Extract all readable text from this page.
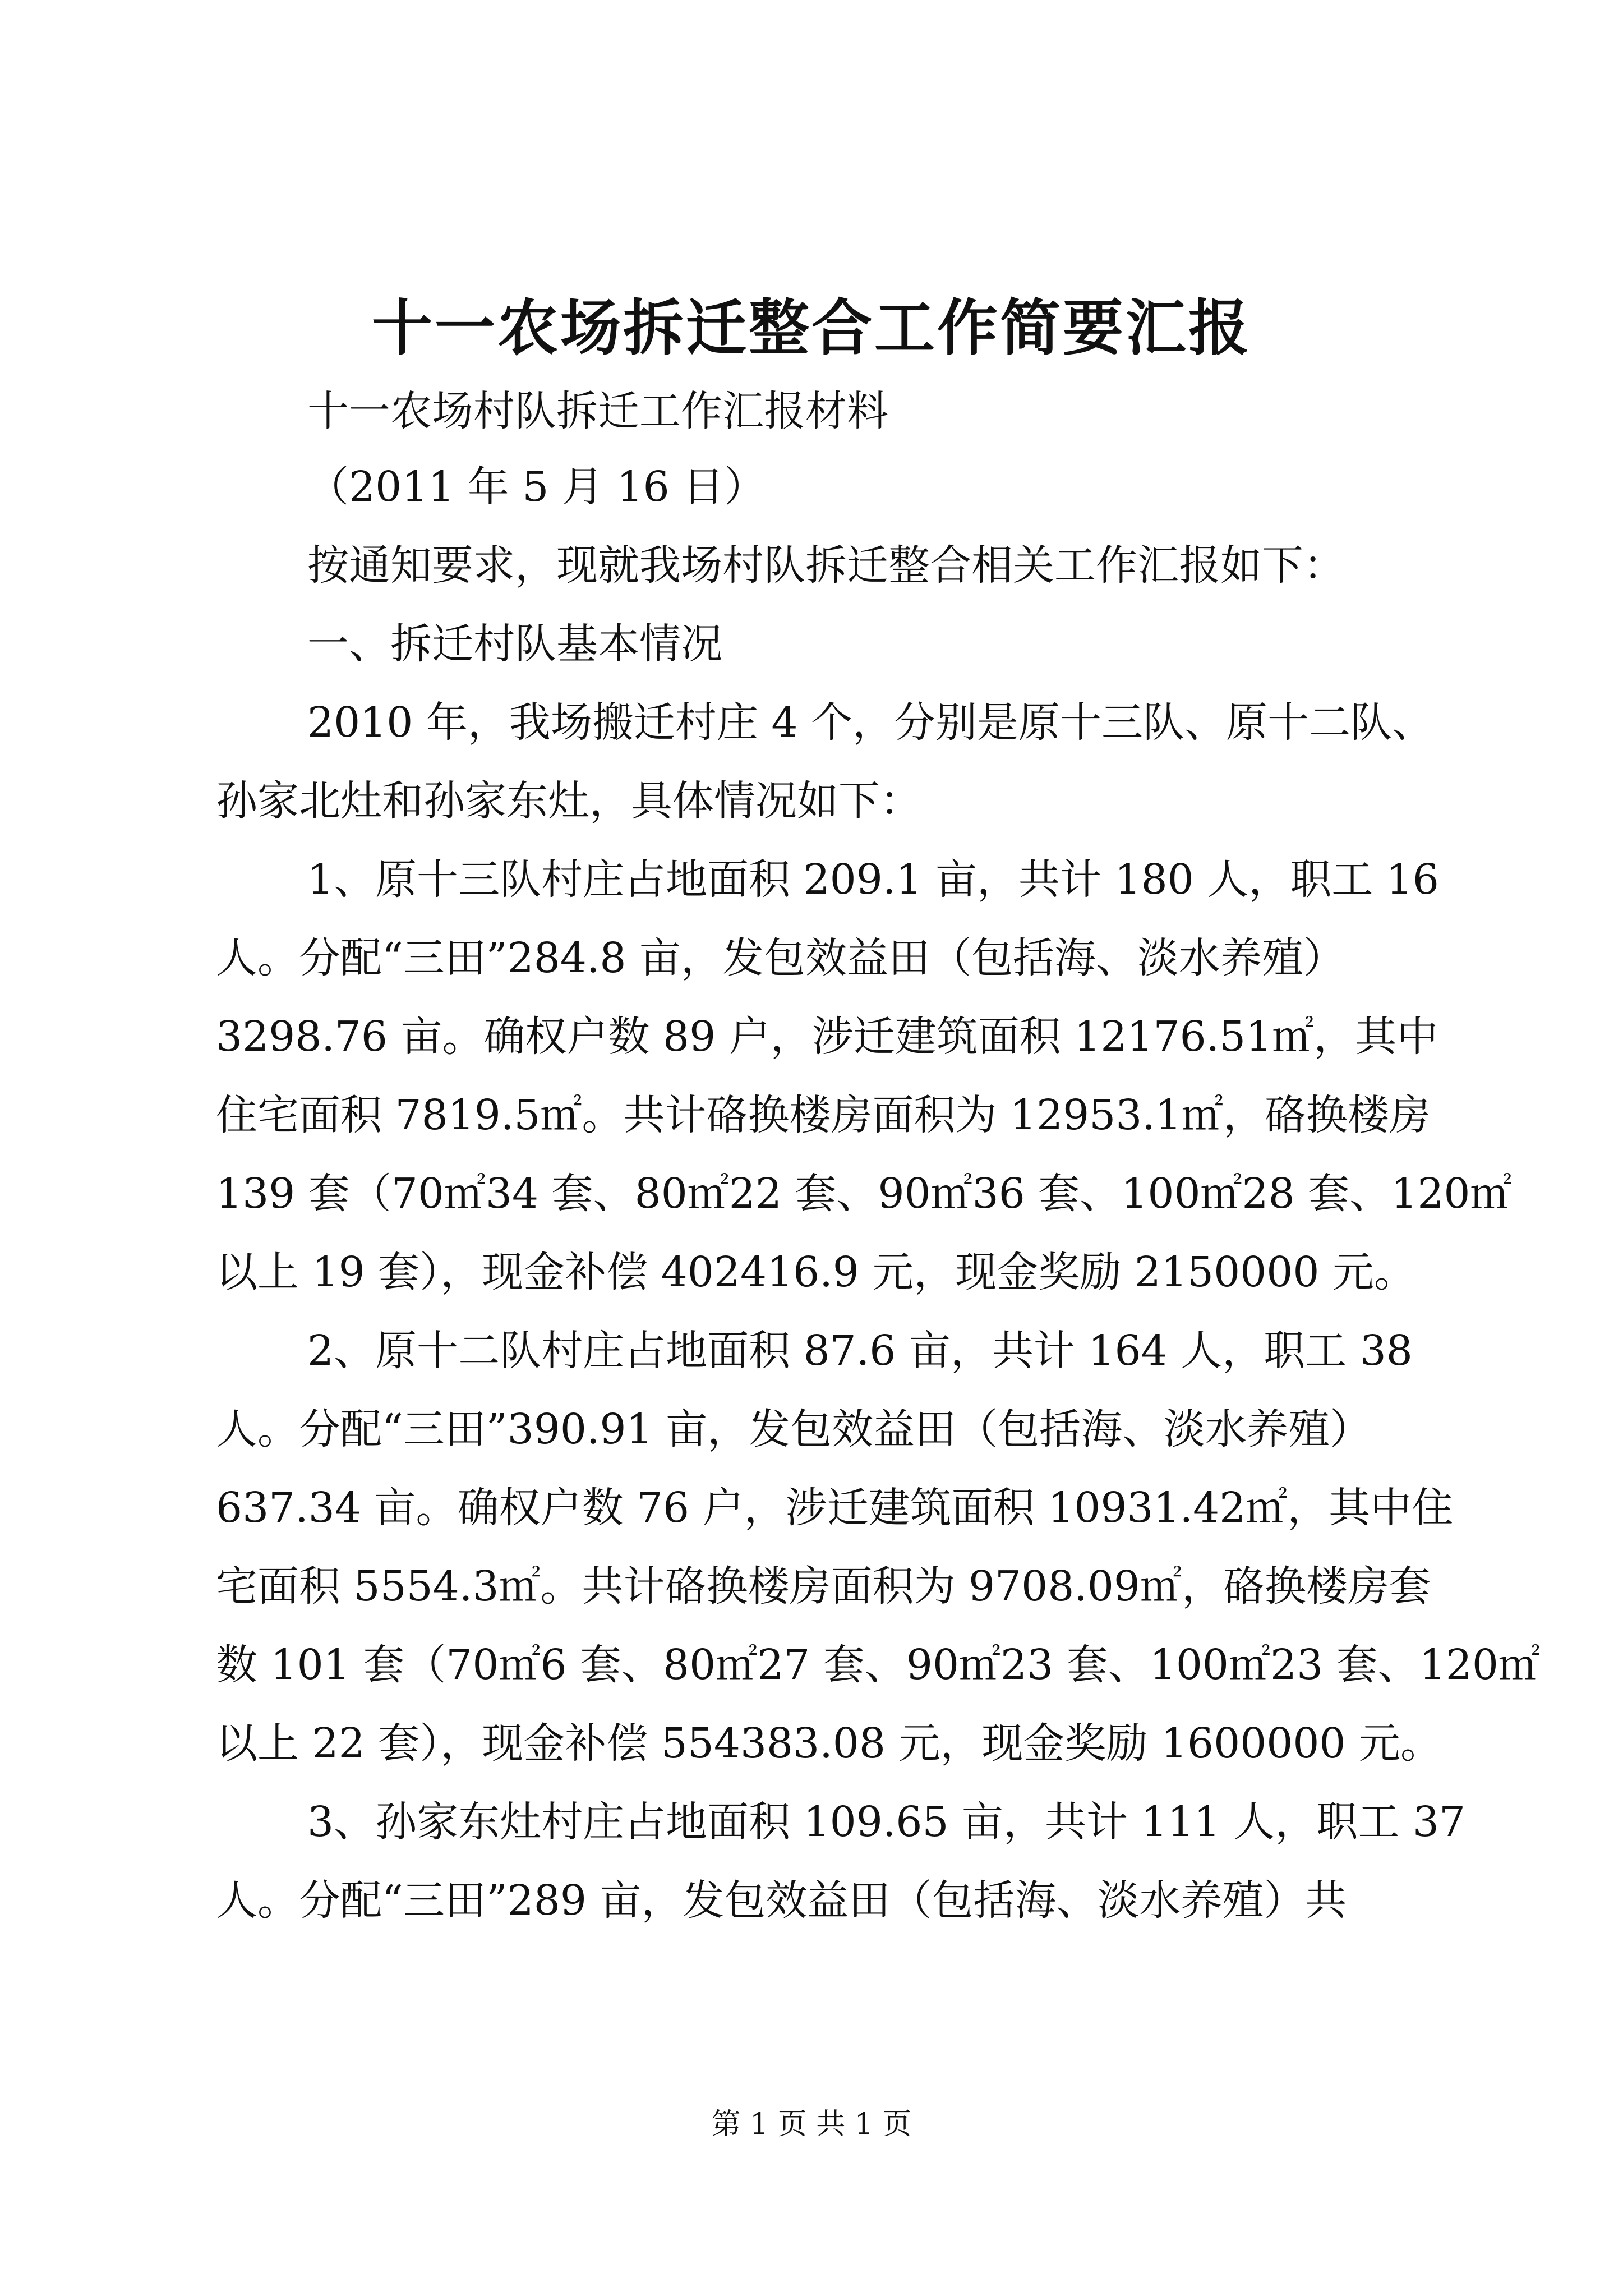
十一农场拆迁整合工作简要汇报
十一农场村队拆迁工作汇报材料
（2011 年 5 月 16 日）
按通知要求，现就我场村队拆迁整合相关工作汇报如下：
一、拆迁村队基本情况
2010 年，我场搬迁村庄 4 个，分别是原十三队、原十二队、
孙家北灶和孙家东灶，具体情况如下：
1、原十三队村庄占地面积 209.1 亩，共计 180 人，职工 16
人。分配“三田”284.8 亩，发包效益田（包括海、淡水养殖）
3298.76 亩。确权户数 89 户，涉迁建筑面积 12176.51㎡，其中
住宅面积 7819.5㎡。共计硌换楼房面积为 12953.1㎡，硌换楼房
139 套（70㎡34 套、80㎡22 套、90㎡36 套、100㎡28 套、120㎡
以上 19 套），现金补偿 402416.9 元，现金奖励 2150000 元。
2、原十二队村庄占地面积 87.6 亩，共计 164 人，职工 38
人。分配“三田”390.91 亩，发包效益田（包括海、淡水养殖）
637.34 亩。确权户数 76 户，涉迁建筑面积 10931.42㎡，其中住
宅面积 5554.3㎡。共计硌换楼房面积为 9708.09㎡，硌换楼房套
数 101 套（70㎡6 套、80㎡27 套、90㎡23 套、100㎡23 套、120㎡
以上 22 套），现金补偿 554383.08 元，现金奖励 1600000 元。
3、孙家东灶村庄占地面积 109.65 亩，共计 111 人，职工 37
人。分配“三田”289 亩，发包效益田（包括海、淡水养殖）共
第 1 页 共 1 页
